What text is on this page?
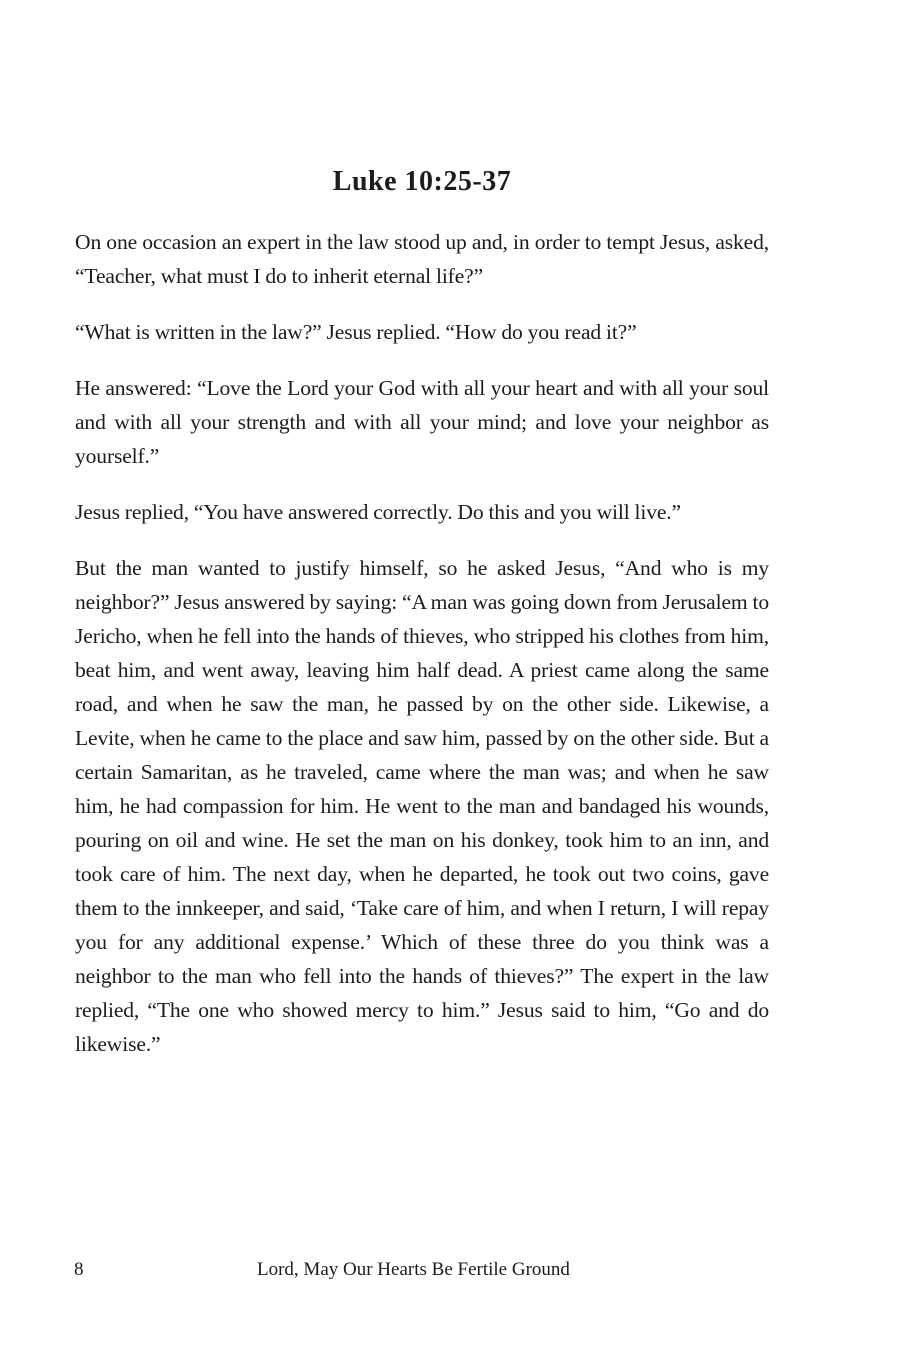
Luke 10:25-37

On one occasion an expert in the law stood up and, in order to tempt Jesus, asked, “Teacher, what must I do to inherit eternal life?”

“What is written in the law?” Jesus replied. “How do you read it?”

He answered: “Love the Lord your God with all your heart and with all your soul and with all your strength and with all your mind; and love your neighbor as yourself.”

Jesus replied, “You have answered correctly. Do this and you will live.”

But the man wanted to justify himself, so he asked Jesus, “And who is my neighbor?” Jesus answered by saying: “A man was going down from Jerusalem to Jericho, when he fell into the hands of thieves, who stripped his clothes from him, beat him, and went away, leaving him half dead. A priest came along the same road, and when he saw the man, he passed by on the other side. Likewise, a Levite, when he came to the place and saw him, passed by on the other side. But a certain Samaritan, as he traveled, came where the man was; and when he saw him, he had compassion for him. He went to the man and bandaged his wounds, pouring on oil and wine. He set the man on his donkey, took him to an inn, and took care of him. The next day, when he departed, he took out two coins, gave them to the innkeeper, and said, ‘Take care of him, and when I return, I will repay you for any additional expense.’ Which of these three do you think was a neighbor to the man who fell into the hands of thieves?” The expert in the law replied, “The one who showed mercy to him.” Jesus said to him, “Go and do likewise.”

8	Lord, May Our Hearts Be Fertile Ground
